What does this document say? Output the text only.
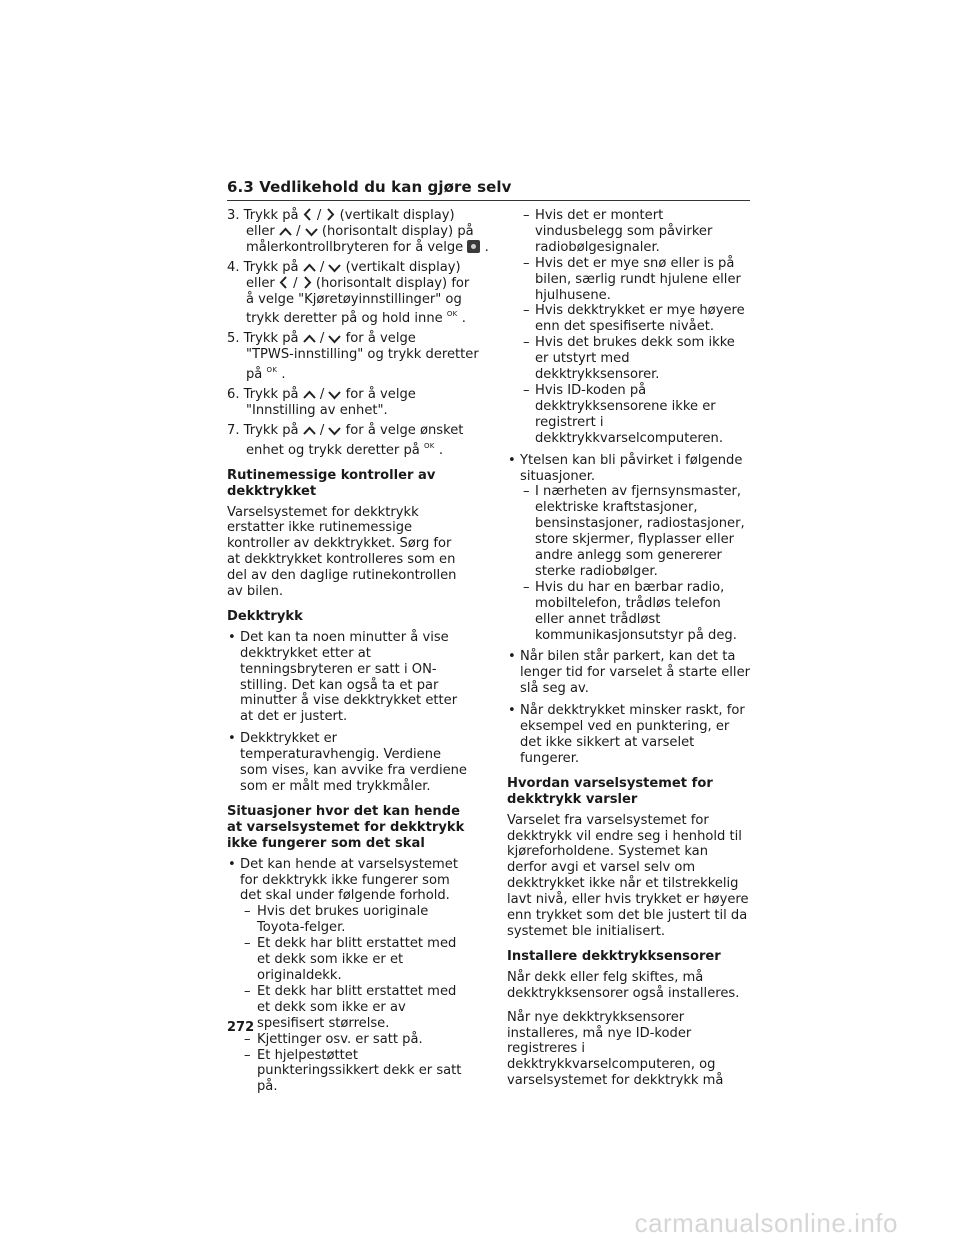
6.3 Vedlikehold du kan gjøre selv
3. Trykk på / (vertikalt display)
eller / (horisontalt display) på
målerkontrollbryteren for å velge .
4. Trykk på / (vertikalt display)
eller / (horisontalt display) for
å velge "Kjøretøyinnstillinger" og
trykk deretter på og hold inne $^{OK}$ .
5. Trykk på / for å velge
"TPWS-innstilling" og trykk deretter
på $^{OK}$ .
6. Trykk på / for å velge
"Innstilling av enhet".
7. Trykk på / for å velge ønsket
enhet og trykk deretter på $^{OK}$ .
Rutinemessige kontroller av dekktrykket

Varselsystemet for dekktrykk erstatter ikke rutinemessige kontroller av dekktrykket. Sørg for at dekktrykket kontrolleres som en del av den daglige rutinekontrollen av bilen.

Dekktrykk
• Det kan ta noen minutter å vise dekktrykket etter at tenningsbryteren er satt i ON-stilling. Det kan også ta et par minutter å vise dekktrykket etter at det er justert.
• Dekktrykket er temperaturavhengig. Verdiene som vises, kan avvike fra verdiene som er målt med trykkmåler.
Situasjoner hvor det kan hende at varselsystemet for dekktrykk ikke fungerer som det skal
• Det kan hende at varselsystemet for dekktrykk ikke fungerer som det skal under følgende forhold.
– Hvis det brukes uoriginale Toyota-felger.
– Et dekk har blitt erstattet med et dekk som ikke er et originaldekk.
– Et dekk har blitt erstattet med et dekk som ikke er av spesifisert størrelse.
– Kjettinger osv. er satt på.
– Et hjelpestøttet punkteringssikkert dekk er satt på.
– Hvis det er montert vindusbelegg som påvirker radiobølgesignaler.
– Hvis det er mye snø eller is på bilen, særlig rundt hjulene eller hjulhusene.
– Hvis dekktrykket er mye høyere enn det spesifiserte nivået.
– Hvis det brukes dekk som ikke er utstyrt med dekktrykksensorer.
– Hvis ID-koden på dekktrykksensorene ikke er registrert i dekktrykkvarselcomputeren.
• Ytelsen kan bli påvirket i følgende situasjoner.
– I nærheten av fjernsynsmaster, elektriske kraftstasjoner, bensinstasjoner, radiostasjoner, store skjermer, flyplasser eller andre anlegg som genererer sterke radiobølger.
– Hvis du har en bærbar radio, mobiltelefon, trådløs telefon eller annet trådløst kommunikasjonsutstyr på deg.
• Når bilen står parkert, kan det ta lenger tid for varselet å starte eller slå seg av.
• Når dekktrykket minsker raskt, for eksempel ved en punktering, er det ikke sikkert at varselet fungerer.
Hvordan varselsystemet for dekktrykk varsler

Varselet fra varselsystemet for dekktrykk vil endre seg i henhold til kjøreforholdene. Systemet kan derfor avgi et varsel selv om dekktrykket ikke når et tilstrekkelig lavt nivå, eller hvis trykket er høyere enn trykket som det ble justert til da systemet ble initialisert.

Installere dekktrykksensorer

Når dekk eller felg skiftes, må dekktrykksensorer også installeres.

Når nye dekktrykksensorer installeres, må nye ID-koder registreres i dekktrykkvarselcomputeren, og varselsystemet for dekktrykk må

272
carmanualsonline.info
